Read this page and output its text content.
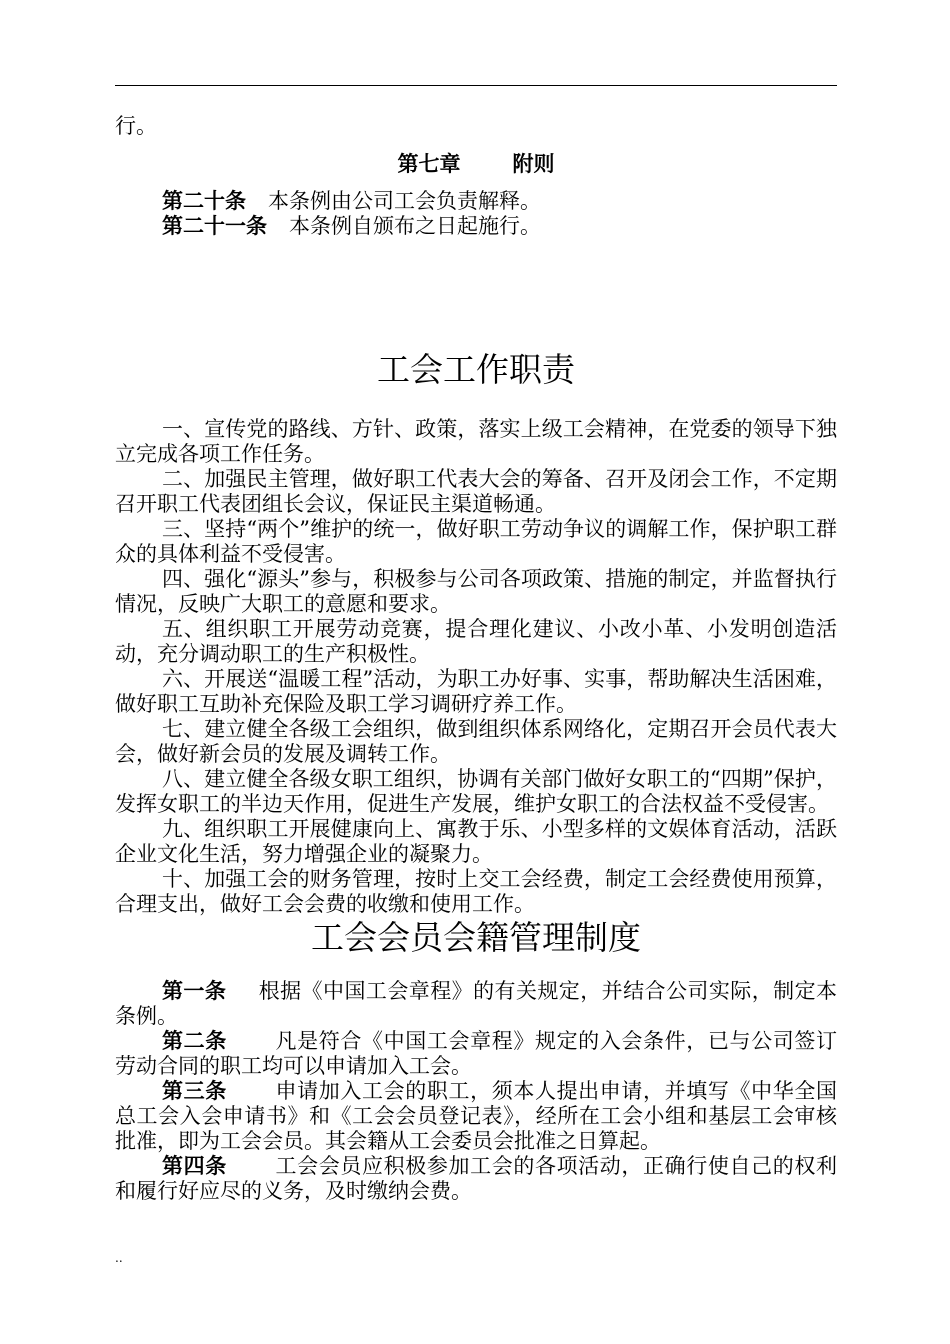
行。

第七章 附则

第二十条 本条例由公司工会负责解释。

第二十一条 本条例自颁布之日起施行。

工会工作职责

一、宣传党的路线、方针、政策，落实上级工会精神，在党委的领导下独立完成各项工作任务。

二、加强民主管理，做好职工代表大会的筹备、召开及闭会工作，不定期召开职工代表团组长会议，保证民主渠道畅通。

三、坚持“两个”维护的统一，做好职工劳动争议的调解工作，保护职工群众的具体利益不受侵害。

四、强化“源头”参与，积极参与公司各项政策、措施的制定，并监督执行情况，反映广大职工的意愿和要求。

五、组织职工开展劳动竞赛，提合理化建议、小改小革、小发明创造活动，充分调动职工的生产积极性。

六、开展送“温暖工程”活动，为职工办好事、实事，帮助解决生活困难，做好职工互助补充保险及职工学习调研疗养工作。

七、建立健全各级工会组织，做到组织体系网络化，定期召开会员代表大会，做好新会员的发展及调转工作。

八、建立健全各级女职工组织，协调有关部门做好女职工的“四期”保护，发挥女职工的半边天作用，促进生产发展，维护女职工的合法权益不受侵害。

九、组织职工开展健康向上、寓教于乐、小型多样的文娱体育活动，活跃企业文化生活，努力增强企业的凝聚力。

十、加强工会的财务管理，按时上交工会经费，制定工会经费使用预算，合理支出，做好工会会费的收缴和使用工作。

工会会员会籍管理制度

第一条 根据《中国工会章程》的有关规定，并结合公司实际，制定本条例。

第二条 凡是符合《中国工会章程》规定的入会条件，已与公司签订劳动合同的职工均可以申请加入工会。

第三条 申请加入工会的职工，须本人提出申请，并填写《中华全国总工会入会申请书》和《工会会员登记表》，经所在工会小组和基层工会审核批准，即为工会会员。其会籍从工会委员会批准之日算起。

第四条 工会会员应积极参加工会的各项活动，正确行使自己的权利和履行好应尽的义务，及时缴纳会费。

..
